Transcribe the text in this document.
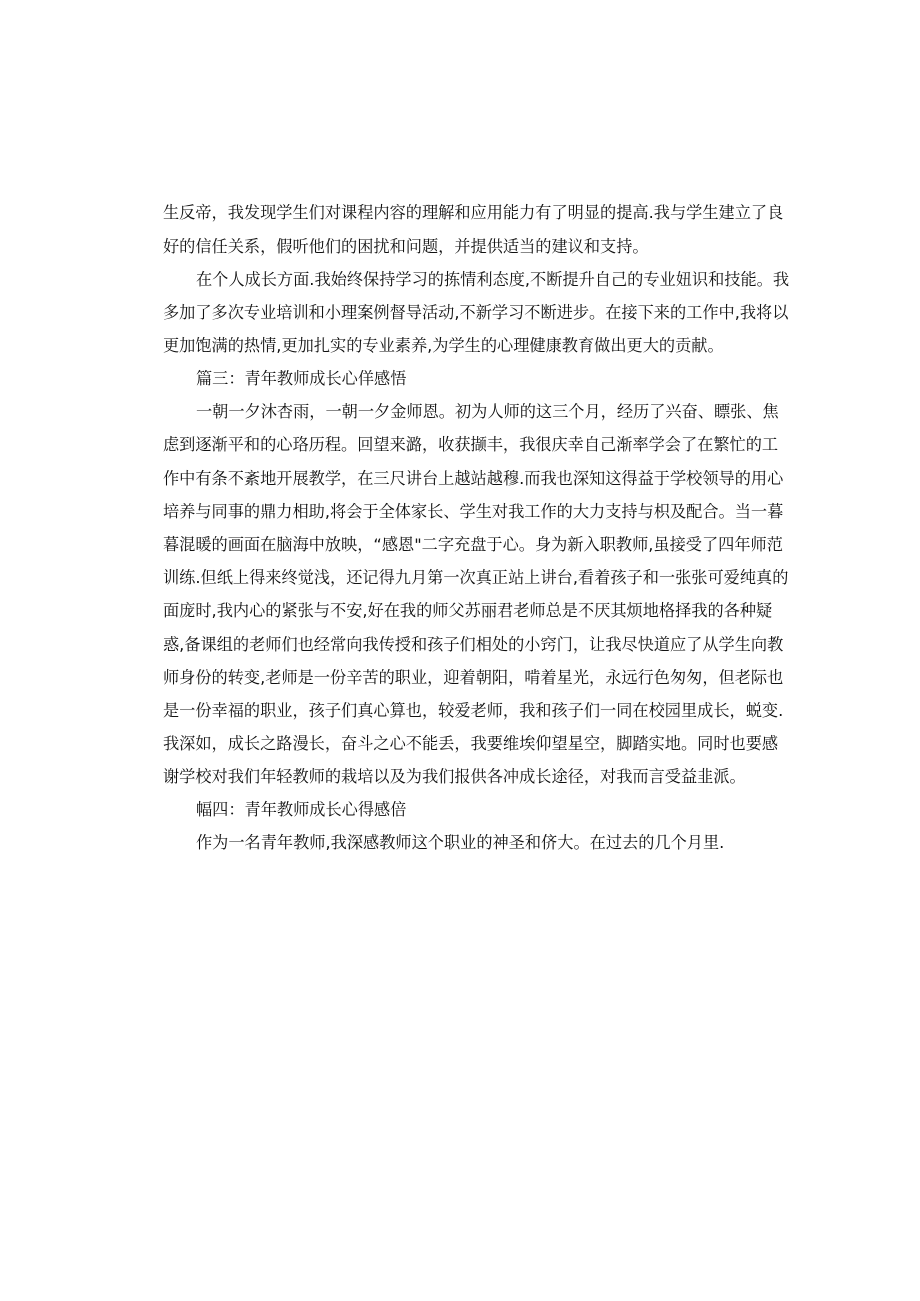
生反帝，我发现学生们对课程内容的理解和应用能力有了明显的提高.我与学生建立了良
好的信任关系，假听他们的困扰和问题，并提供适当的建议和支持。
在个人成长方面.我始终保持学习的拣情利态度,不断提升自己的专业妞识和技能。我
多加了多次专业培训和小理案例督导活动,不新学习不断进步。在接下来的工作中,我将以
更加饱满的热情,更加扎实的专业素养,为学生的心理健康教育做出更大的贡献。
篇三：青年教师成长心佯感悟
一朝一夕沐杏雨，一朝一夕金师恩。初为人师的这三个月，经历了兴奋、瞟张、焦
虑到逐渐平和的心珞历程。回望来潞，收获撷丰，我很庆幸自己渐率学会了在繁忙的工
作中有条不紊地开展教学，在三尺讲台上越站越穆.而我也深知这得益于学校领导的用心
培养与同事的鼎力相助,将会于全体家长、学生对我工作的大力支持与枳及配合。当一暮
暮混暖的画面在脑海中放映，“感恩"二字充盘于心。身为新入职教师,虽接受了四年师范
训练.但纸上得来终觉浅，还记得九月第一次真正站上讲台,看着孩子和一张张可爱纯真的
面庞时,我内心的紧张与不安,好在我的师父苏丽君老师总是不厌其烦地格择我的各种疑
惑,备课组的老师们也经常向我传授和孩子们相处的小窍门，让我尽快道应了从学生向教
师身份的转变,老师是一份辛苦的职业，迎着朝阳，啃着星光，永远行色匆匆，但老际也
是一份幸福的职业，孩子们真心算也，较爱老师，我和孩子们一同在校园里成长，蜕变.
我深如，成长之路漫长，奋斗之心不能丢，我要维埃仰望星空，脚踏实地。同时也要感
谢学校对我们年轻教师的栽培以及为我们报供各冲成长途径，对我而言受益韭派。
幅四：青年教师成长心得感倍
作为一名青年教师,我深感教师这个职业的神圣和侪大。在过去的几个月里.
